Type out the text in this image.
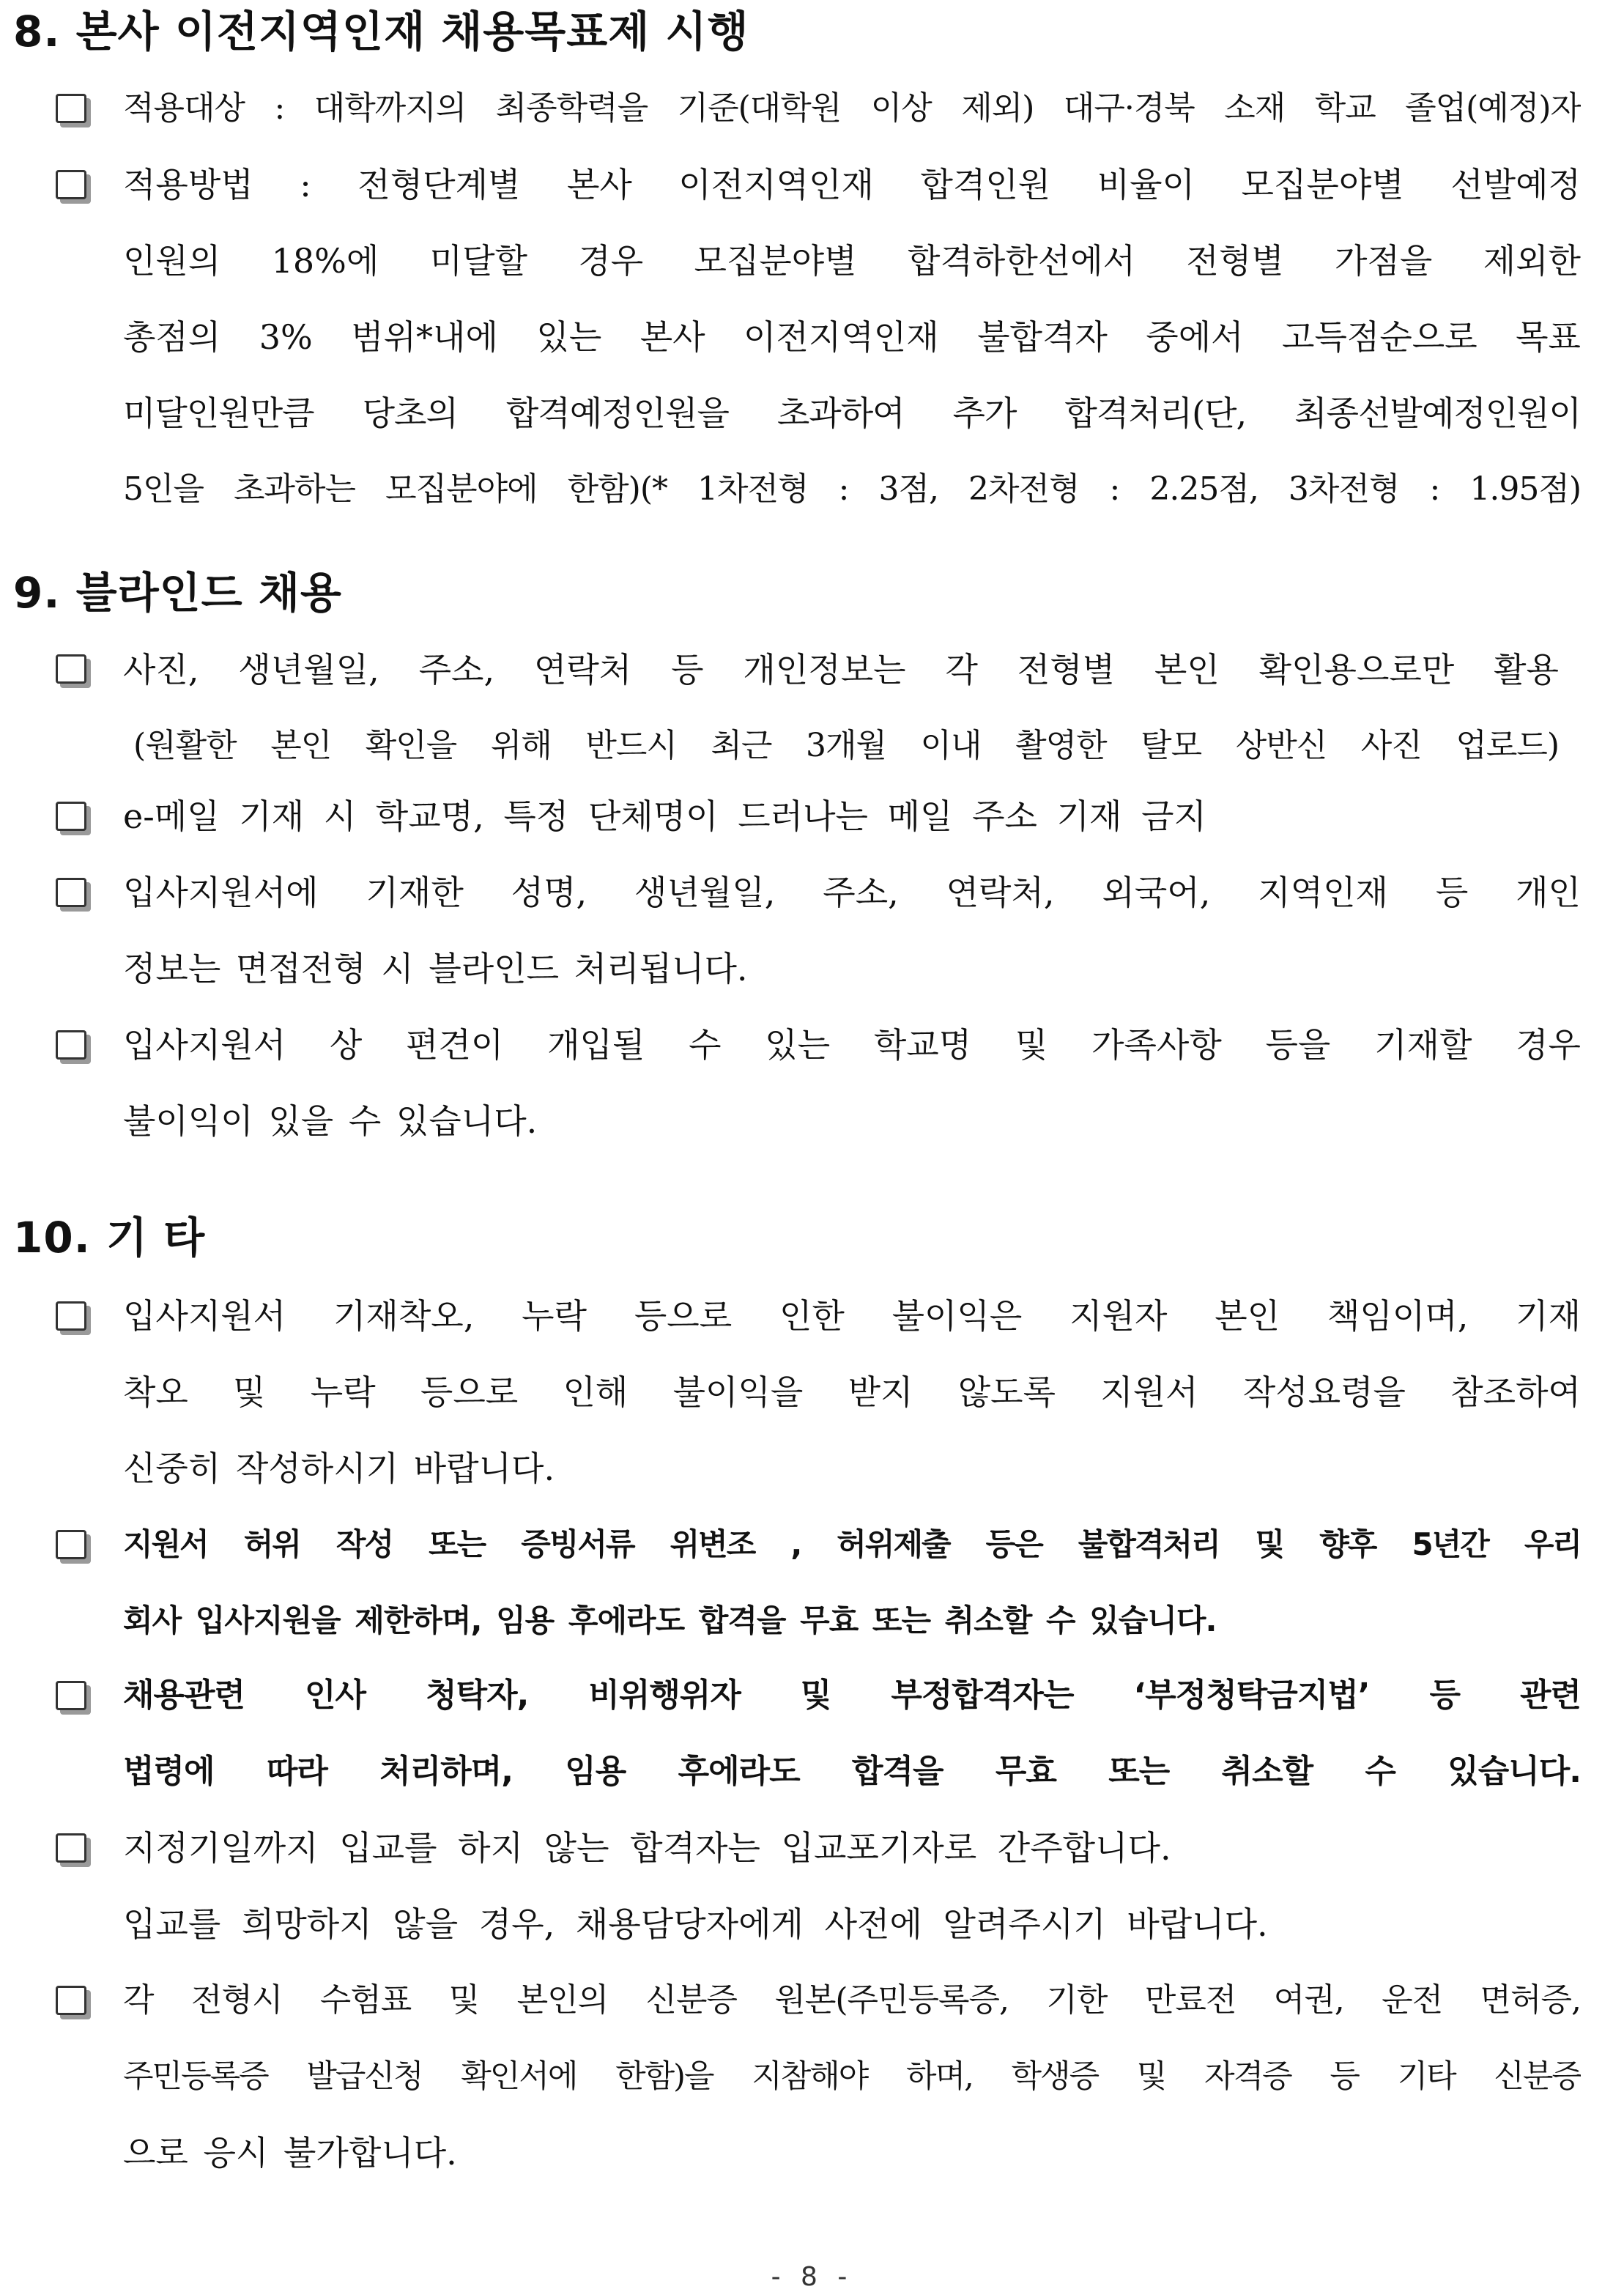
8. 본사 이전지역인재 채용목표제 시행
적용대상 : 대학까지의 최종학력을 기준(대학원 이상 제외) 대구·경북 소재 학교 졸업(예정)자
적용방법 : 전형단계별 본사 이전지역인재 합격인원 비율이 모집분야별 선발예정
인원의 18%에 미달할 경우 모집분야별 합격하한선에서 전형별 가점을 제외한
총점의 3% 범위*내에 있는 본사 이전지역인재 불합격자 중에서 고득점순으로 목표
미달인원만큼 당초의 합격예정인원을 초과하여 추가 합격처리(단, 최종선발예정인원이
5인을 초과하는 모집분야에 한함)(* 1차전형 : 3점, 2차전형 : 2.25점, 3차전형 : 1.95점)
9. 블라인드 채용
사진, 생년월일, 주소, 연락처 등 개인정보는 각 전형별 본인 확인용으로만 활용
(원활한 본인 확인을 위해 반드시 최근 3개월 이내 촬영한 탈모 상반신 사진 업로드)
e-메일 기재 시 학교명, 특정 단체명이 드러나는 메일 주소 기재 금지
입사지원서에 기재한 성명, 생년월일, 주소, 연락처, 외국어, 지역인재 등 개인
정보는 면접전형 시 블라인드 처리됩니다.
입사지원서 상 편견이 개입될 수 있는 학교명 및 가족사항 등을 기재할 경우
불이익이 있을 수 있습니다.
10. 기 타
입사지원서 기재착오, 누락 등으로 인한 불이익은 지원자 본인 책임이며, 기재
착오 및 누락 등으로 인해 불이익을 받지 않도록 지원서 작성요령을 참조하여
신중히 작성하시기 바랍니다.
지원서 허위 작성 또는 증빙서류 위변조 , 허위제출 등은 불합격처리 및 향후 5년간 우리
회사 입사지원을 제한하며, 임용 후에라도 합격을 무효 또는 취소할 수 있습니다.
채용관련 인사 청탁자, 비위행위자 및 부정합격자는 ‘부정청탁금지법’ 등 관련
법령에 따라 처리하며, 임용 후에라도 합격을 무효 또는 취소할 수 있습니다.
지정기일까지 입교를 하지 않는 합격자는 입교포기자로 간주합니다.
입교를 희망하지 않을 경우, 채용담당자에게 사전에 알려주시기 바랍니다.
각 전형시 수험표 및 본인의 신분증 원본(주민등록증, 기한 만료전 여권, 운전 면허증,
주민등록증 발급신청 확인서에 한함)을 지참해야 하며, 학생증 및 자격증 등 기타 신분증
으로 응시 불가합니다.
- 8 -
